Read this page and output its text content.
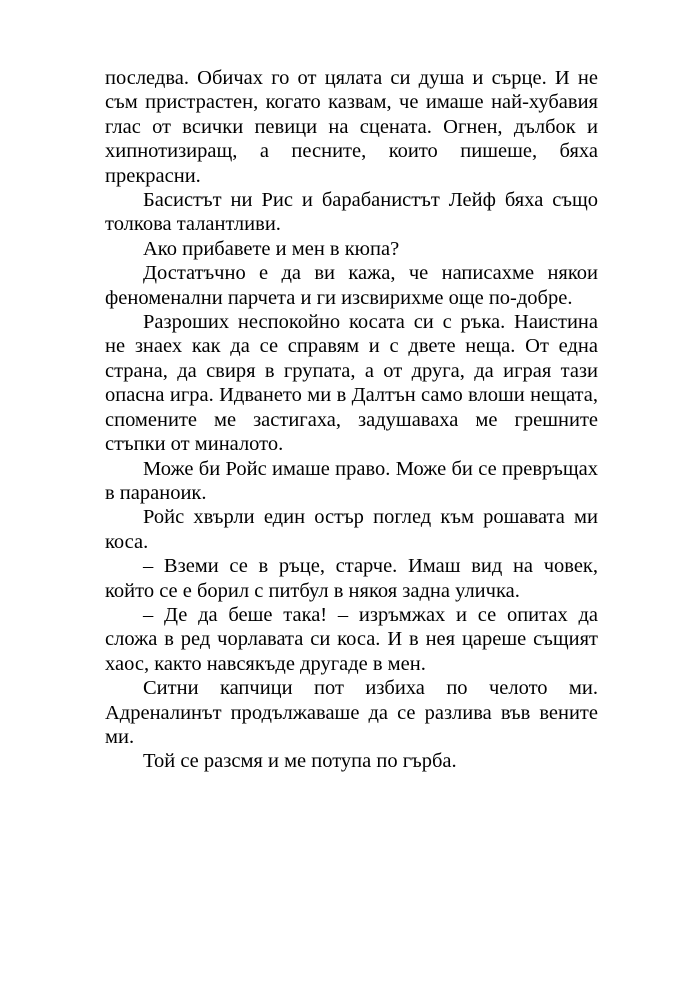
последва. Обичах го от цялата си душа и сърце. И не съм пристрастен, когато казвам, че имаше най-хубавия глас от всички певици на сцената. Огнен, дълбок и хипнотизиращ, а песните, които пишеше, бяха прекрасни.

Басистът ни Рис и барабанистът Лейф бяха също толкова талантливи.

Ако прибавете и мен в кюпа?

Достатъчно е да ви кажа, че написахме някои феноменални парчета и ги изсвирихме още по-добре.

Разроших неспокойно косата си с ръка. Наистина не знаех как да се справям и с двете неща. От една страна, да свиря в групата, а от друга, да играя тази опасна игра. Идването ми в Далтън само влоши нещата, спомените ме застигаха, задушаваха ме грешните стъпки от миналото.

Може би Ройс имаше право. Може би се превръщах в параноик.

Ройс хвърли един остър поглед към рошавата ми коса.

– Вземи се в ръце, старче. Имаш вид на човек, който се е борил с питбул в някоя задна уличка.

– Де да беше така! – изръмжах и се опитах да сложа в ред чорлавата си коса. И в нея цареше същият хаос, както навсякъде другаде в мен.

Ситни капчици пот избиха по челото ми. Адреналинът продължаваше да се разлива във вените ми.

Той се разсмя и ме потупа по гърба.
